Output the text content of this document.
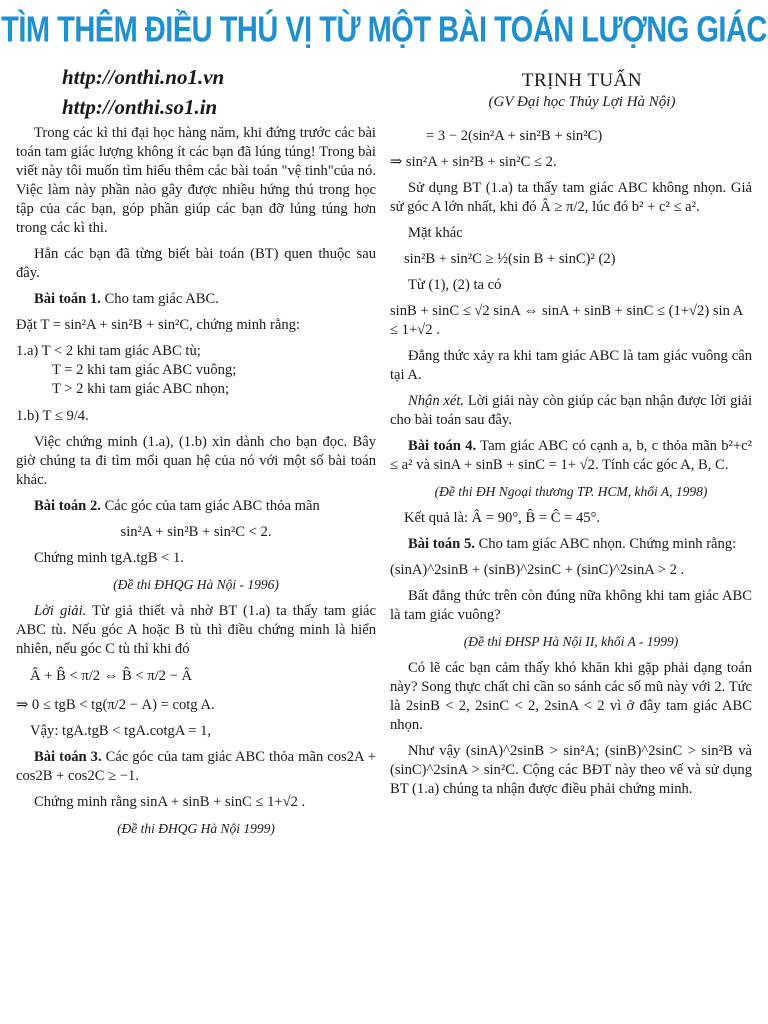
TÌM THÊM ĐIỀU THÚ VỊ TỪ MỘT BÀI TOÁN LƯỢNG GIÁC
http://onthi.no1.vn
http://onthi.so1.in
TRỊNH TUẤN
(GV Đại học Thủy Lợi Hà Nội)

Trong các kì thi đại học hàng năm, khi đứng trước các bài toán tam giác lượng không ít các bạn đã lúng túng! Trong bài viết này tôi muốn tìm hiểu thêm các bài toán "vệ tinh"của nó. Việc làm này phần nào gây được nhiều hứng thú trong học tập của các bạn, góp phần giúp các bạn đỡ lúng túng hơn trong các kì thi.

Hẳn các bạn đã từng biết bài toán (BT) quen thuộc sau đây.

Bài toán 1. Cho tam giác ABC.

Đặt T = sin²A + sin²B + sin²C, chứng minh rằng:

1.a) T < 2 khi tam giác ABC tù;
T = 2 khi tam giác ABC vuông;
T > 2 khi tam giác ABC nhọn;
1.b) T ≤ 9/4.

Việc chứng minh (1.a), (1.b) xin dành cho bạn đọc. Bây giờ chúng ta đi tìm mối quan hệ của nó với một số bài toán khác.

Bài toán 2. Các góc của tam giác ABC thỏa mãn

sin²A + sin²B + sin²C < 2.

Chứng minh tgA.tgB < 1.

(Đề thi ĐHQG Hà Nội - 1996)

Lời giải. Từ giả thiết và nhờ BT (1.a) ta thấy tam giác ABC tù. Nếu góc A hoặc B tù thì điều chứng minh là hiển nhiên, nếu góc C tù thì khi đó

Â + B̂ < π/2 ⇔ B̂ < π/2 − Â
⇒ 0 ≤ tgB < tg(π/2 − A) = cotg A.
Vậy: tgA.tgB < tgA.cotgA = 1,

Bài toán 3. Các góc của tam giác ABC thỏa mãn cos2A + cos2B + cos2C ≥ −1.

Chứng minh rằng sinA + sinB + sinC ≤ 1+√2 .

(Đề thi ĐHQG Hà Nội 1999)
= 3 − 2(sin²A + sin²B + sin²C)
⇒ sin²A + sin²B + sin²C ≤ 2.

Sử dụng BT (1.a) ta thấy tam giác ABC không nhọn. Giả sử góc A lớn nhất, khi đó Â ≥ π/2, lúc đó b² + c² ≤ a².

Mặt khác

sin²B + sin²C ≥ ½(sin B + sinC)² (2)

Từ (1), (2) ta có

sinB + sinC ≤ √2 sinA ⇔ sinA + sinB + sinC ≤ (1+√2) sin A ≤ 1+√2 .

Đẳng thức xảy ra khi tam giác ABC là tam giác vuông cân tại A.

Nhận xét. Lời giải này còn giúp các bạn nhận được lời giải cho bài toán sau đây.

Bài toán 4. Tam giác ABC có cạnh a, b, c thỏa mãn b²+c² ≤ a² và sinA + sinB + sinC = 1+ √2. Tính các góc A, B, C.

(Đề thi ĐH Ngoại thương TP. HCM, khối A, 1998)
Kết quả là: Â = 90°, B̂ = Ĉ = 45°.

Bài toán 5. Cho tam giác ABC nhọn. Chứng minh rằng:

(sinA)^2sinB + (sinB)^2sinC + (sinC)^2sinA > 2 .

Bất đẳng thức trên còn đúng nữa không khi tam giác ABC là tam giác vuông?

(Đề thi ĐHSP Hà Nội II, khối A - 1999)

Có lẽ các bạn cảm thấy khó khăn khi gặp phải dạng toán này? Song thực chất chỉ cần so sánh các số mũ này với 2. Tức là 2sinB < 2, 2sinC < 2, 2sinA < 2 vì ở đây tam giác ABC nhọn.

Như vậy (sinA)^2sinB > sin²A; (sinB)^2sinC > sin²B và (sinC)^2sinA > sin²C. Cộng các BĐT này theo vế và sử dụng BT (1.a) chúng ta nhận được điều phải chứng minh.
